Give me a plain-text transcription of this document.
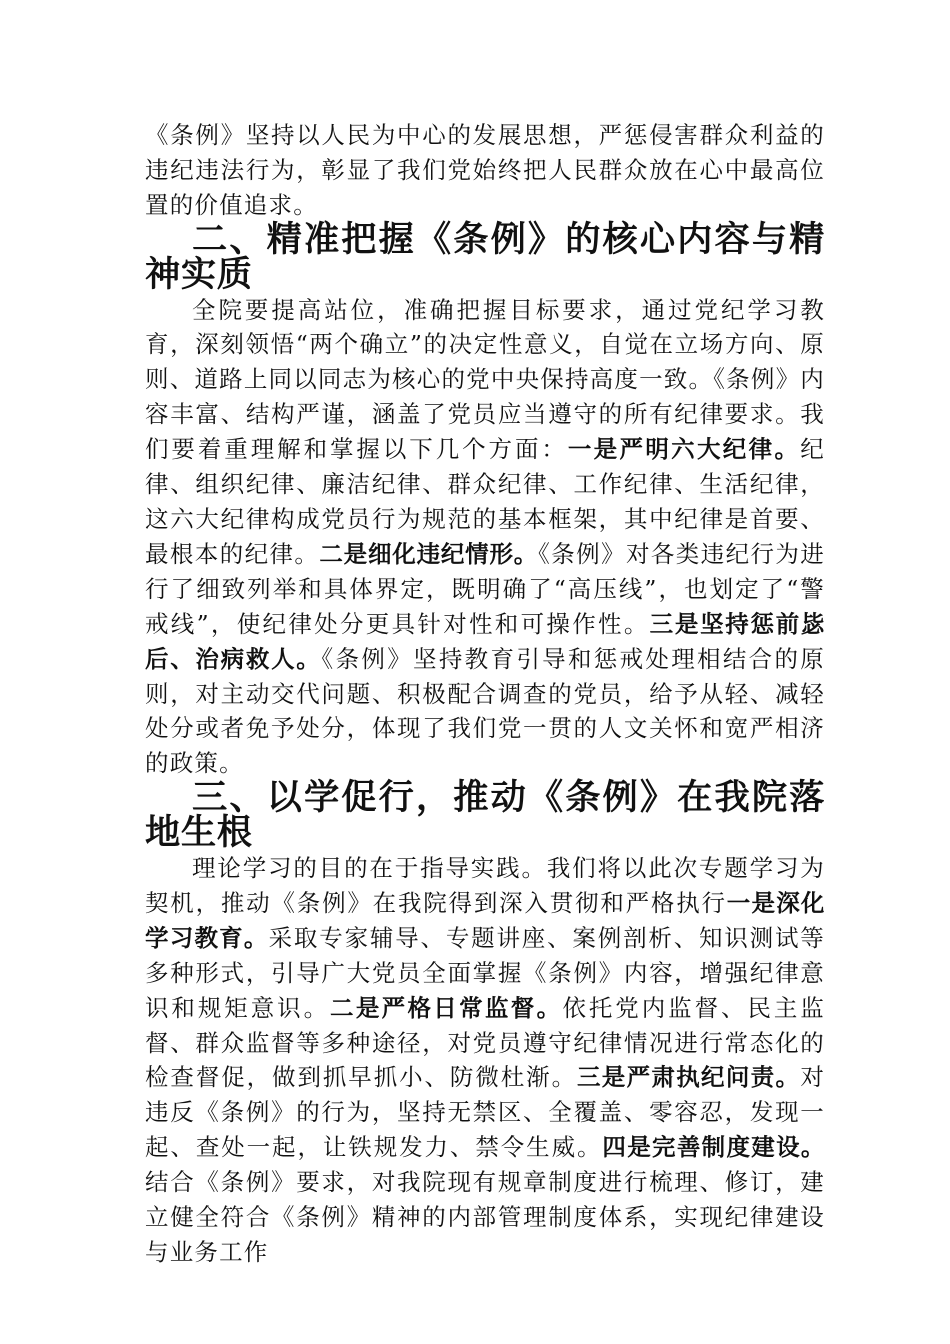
《条例》坚持以人民为中心的发展思想，严惩侵害群众利益的违纪违法行为，彰显了我们党始终把人民群众放在心中最高位置的价值追求。

二、精准把握《条例》的核心内容与精神实质

全院要提高站位，准确把握目标要求，通过党纪学习教育，深刻领悟“两个确立”的决定性意义，自觉在立场方向、原则、道路上同以同志为核心的党中央保持高度一致。《条例》内容丰富、结构严谨，涵盖了党员应当遵守的所有纪律要求。我们要着重理解和掌握以下几个方面：一是严明六大纪律。纪律、组织纪律、廉洁纪律、群众纪律、工作纪律、生活纪律，这六大纪律构成党员行为规范的基本框架，其中纪律是首要、最根本的纪律。二是细化违纪情形。《条例》对各类违纪行为进行了细致列举和具体界定，既明确了“高压线”，也划定了“警戒线”，使纪律处分更具针对性和可操作性。三是坚持惩前毖后、治病救人。《条例》坚持教育引导和惩戒处理相结合的原则，对主动交代问题、积极配合调查的党员，给予从轻、减轻处分或者免予处分，体现了我们党一贯的人文关怀和宽严相济的政策。

三、以学促行，推动《条例》在我院落地生根

理论学习的目的在于指导实践。我们将以此次专题学习为契机，推动《条例》在我院得到深入贯彻和严格执行一是深化学习教育。采取专家辅导、专题讲座、案例剖析、知识测试等多种形式，引导广大党员全面掌握《条例》内容，增强纪律意识和规矩意识。二是严格日常监督。依托党内监督、民主监督、群众监督等多种途径，对党员遵守纪律情况进行常态化的检查督促，做到抓早抓小、防微杜渐。三是严肃执纪问责。对违反《条例》的行为，坚持无禁区、全覆盖、零容忍，发现一起、查处一起，让铁规发力、禁令生威。四是完善制度建设。结合《条例》要求，对我院现有规章制度进行梳理、修订，建立健全符合《条例》精神的内部管理制度体系，实现纪律建设与业务工作
